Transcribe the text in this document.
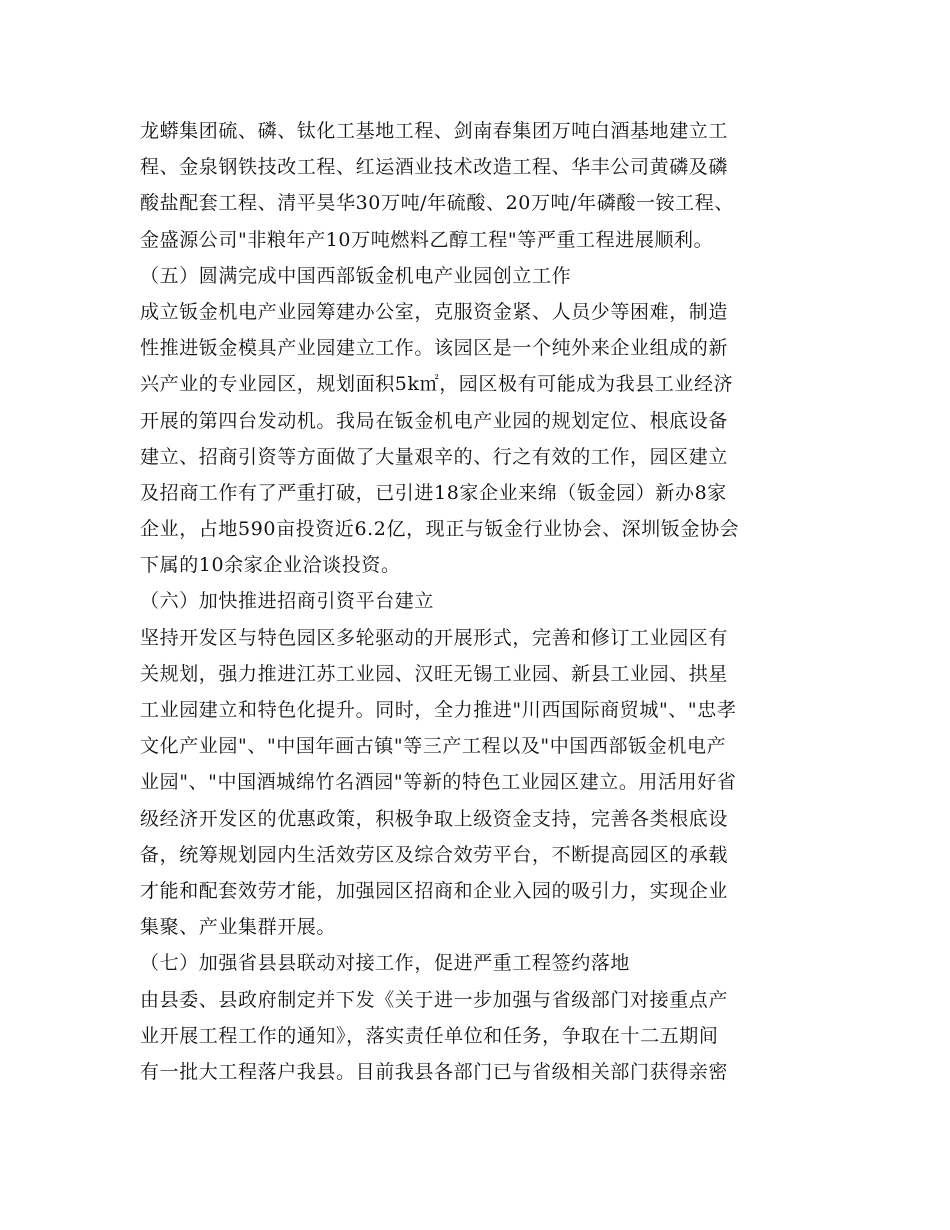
龙蟒集团硫、磷、钛化工基地工程、剑南春集团万吨白酒基地建立工
程、金泉钢铁技改工程、红运酒业技术改造工程、华丰公司黄磷及磷
酸盐配套工程、清平昊华30万吨/年硫酸、20万吨/年磷酸一铵工程、
金盛源公司"非粮年产10万吨燃料乙醇工程"等严重工程进展顺利。
（五）圆满完成中国西部钣金机电产业园创立工作
成立钣金机电产业园筹建办公室，克服资金紧、人员少等困难，制造
性推进钣金模具产业园建立工作。该园区是一个纯外来企业组成的新
兴产业的专业园区，规划面积5k㎡，园区极有可能成为我县工业经济
开展的第四台发动机。我局在钣金机电产业园的规划定位、根底设备
建立、招商引资等方面做了大量艰辛的、行之有效的工作，园区建立
及招商工作有了严重打破，已引进18家企业来绵（钣金园）新办8家
企业，占地590亩投资近6.2亿，现正与钣金行业协会、深圳钣金协会
下属的10余家企业洽谈投资。
（六）加快推进招商引资平台建立
坚持开发区与特色园区多轮驱动的开展形式，完善和修订工业园区有
关规划，强力推进江苏工业园、汉旺无锡工业园、新县工业园、拱星
工业园建立和特色化提升。同时，全力推进"川西国际商贸城"、"忠孝
文化产业园"、"中国年画古镇"等三产工程以及"中国西部钣金机电产
业园"、"中国酒城绵竹名酒园"等新的特色工业园区建立。用活用好省
级经济开发区的优惠政策，积极争取上级资金支持，完善各类根底设
备，统筹规划园内生活效劳区及综合效劳平台，不断提高园区的承载
才能和配套效劳才能，加强园区招商和企业入园的吸引力，实现企业
集聚、产业集群开展。
（七）加强省县县联动对接工作，促进严重工程签约落地
由县委、县政府制定并下发《关于进一步加强与省级部门对接重点产
业开展工程工作的通知》，落实责任单位和任务，争取在十二五期间
有一批大工程落户我县。目前我县各部门已与省级相关部门获得亲密
